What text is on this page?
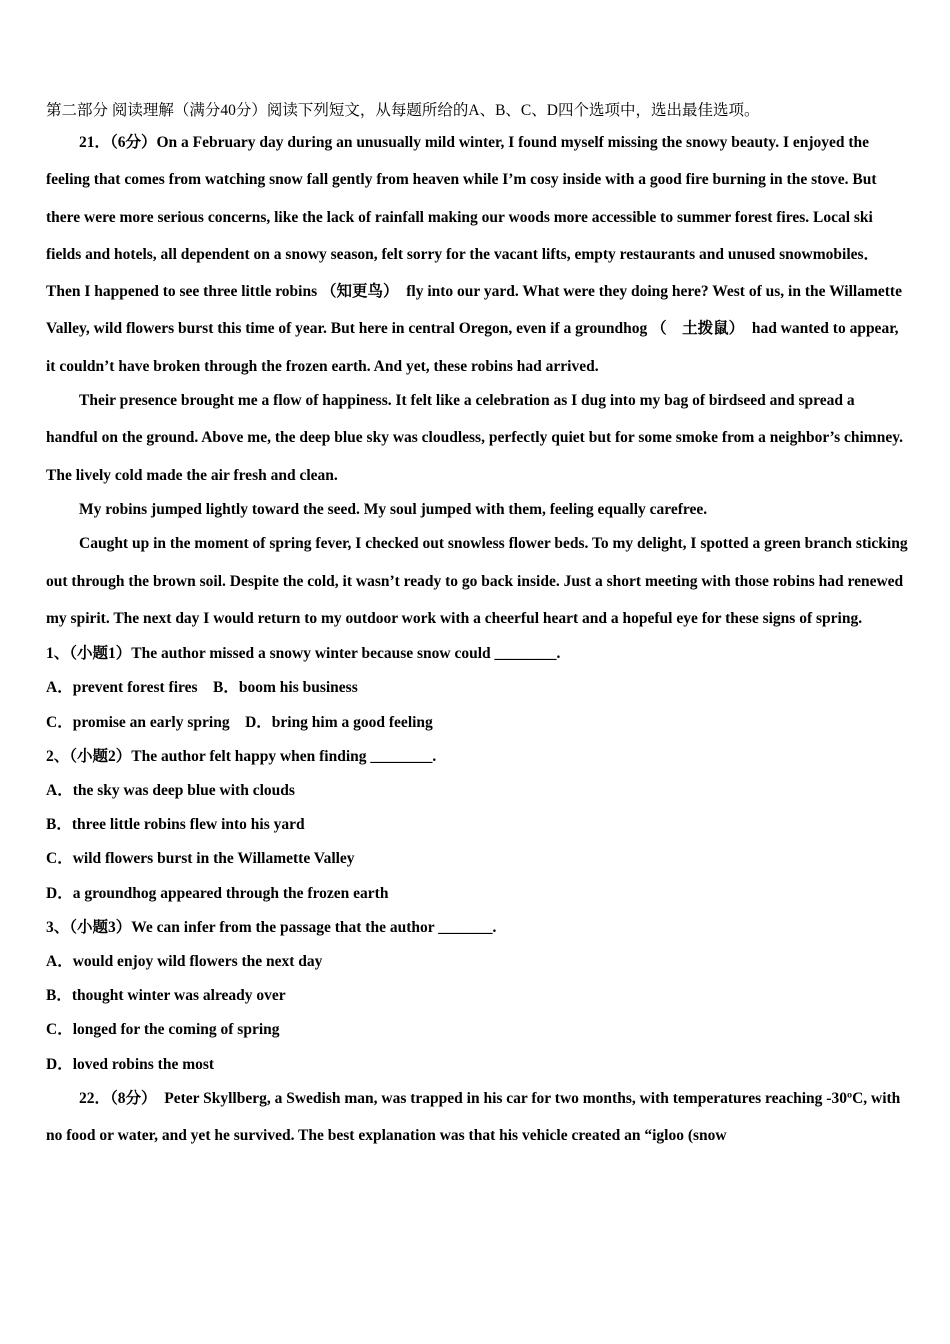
第二部分 阅读理解（满分40分）阅读下列短文，从每题所给的A、B、C、D四个选项中，选出最佳选项。

21．（6分）On a February day during an unusually mild winter, I found myself missing the snowy beauty. I enjoyed the feeling that comes from watching snow fall gently from heaven while I’m cosy inside with a good fire burning in the stove. But there were more serious concerns, like the lack of rainfall making our woods more accessible to summer forest fires. Local ski fields and hotels, all dependent on a snowy season, felt sorry for the vacant lifts, empty restaurants and unused snowmobiles．Then I happened to see three little robins （知更鸟）　fly into our yard. What were they doing here? West of us, in the Willamette Valley, wild flowers burst this time of year. But here in central Oregon, even if a groundhog （　土拨鼠）　had wanted to appear, it couldn’t have broken through the frozen earth. And yet, these robins had arrived.

Their presence brought me a flow of happiness. It felt like a celebration as I dug into my bag of birdseed and spread a handful on the ground. Above me, the deep blue sky was cloudless, perfectly quiet but for some smoke from a neighbor’s chimney. The lively cold made the air fresh and clean.

My robins jumped lightly toward the seed. My soul jumped with them, feeling equally carefree.

Caught up in the moment of spring fever, I checked out snowless flower beds. To my delight, I spotted a green branch sticking out through the brown soil. Despite the cold, it wasn’t ready to go back inside. Just a short meeting with those robins had renewed my spirit. The next day I would return to my outdoor work with a cheerful heart and a hopeful eye for these signs of spring.

1、（小题1）The author missed a snowy winter because snow could ________.

A．prevent forest fires　B．boom his business

C．promise an early spring　D．bring him a good feeling

2、（小题2）The author felt happy when finding ________.

A．the sky was deep blue with clouds

B．three little robins flew into his yard

C．wild flowers burst in the Willamette Valley

D．a groundhog appeared through the frozen earth

3、（小题3）We can infer from the passage that the author _______.

A．would enjoy wild flowers the next day

B．thought winter was already over

C．longed for the coming of spring

D．loved robins the most

22．（8分）　Peter Skyllberg, a Swedish man, was trapped in his car for two months, with temperatures reaching -30ºC, with no food or water, and yet he survived. The best explanation was that his vehicle created an “igloo (snow
